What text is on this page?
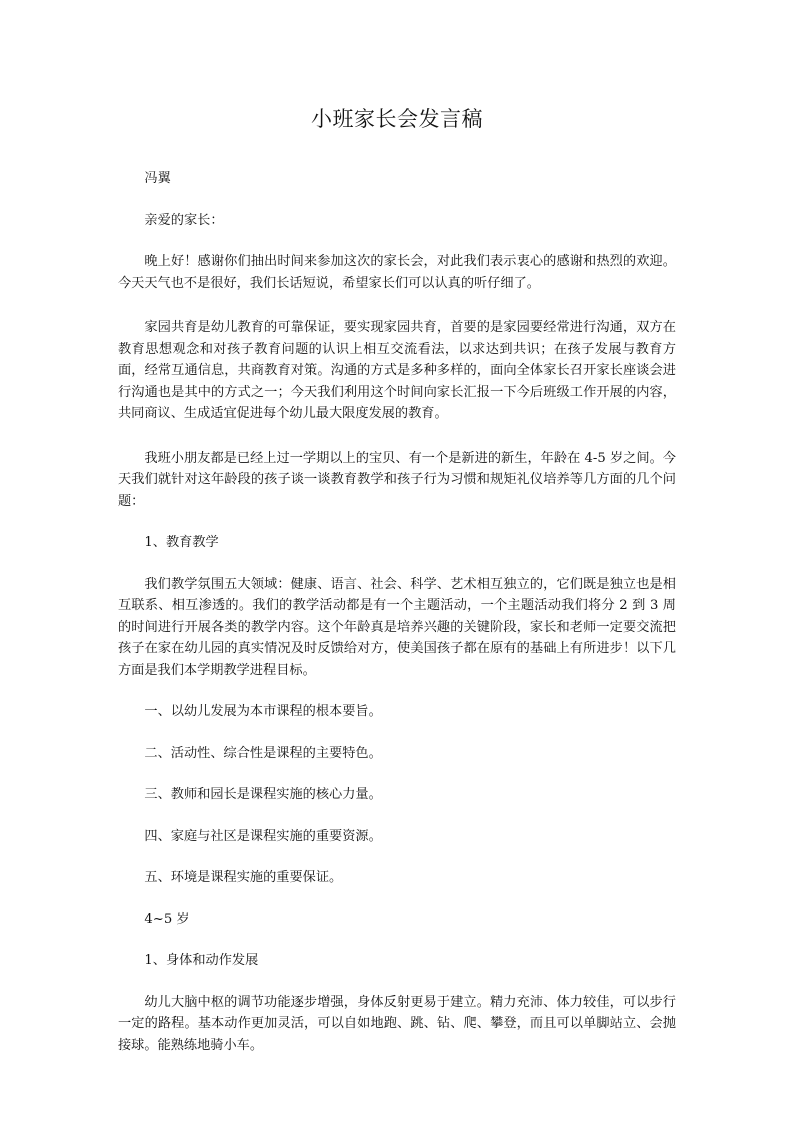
小班家长会发言稿

冯翼

亲爱的家长：

晚上好！感谢你们抽出时间来参加这次的家长会，对此我们表示衷心的感谢和热烈的欢迎。今天天气也不是很好，我们长话短说，希望家长们可以认真的听仔细了。

家园共育是幼儿教育的可靠保证，要实现家园共育，首要的是家园要经常进行沟通，双方在教育思想观念和对孩子教育问题的认识上相互交流看法，以求达到共识；在孩子发展与教育方面，经常互通信息，共商教育对策。沟通的方式是多种多样的，面向全体家长召开家长座谈会进行沟通也是其中的方式之一；今天我们利用这个时间向家长汇报一下今后班级工作开展的内容，共同商议、生成适宜促进每个幼儿最大限度发展的教育。

我班小朋友都是已经上过一学期以上的宝贝、有一个是新进的新生，年龄在 4-5 岁之间。今天我们就针对这年龄段的孩子谈一谈教育教学和孩子行为习惯和规矩礼仪培养等几方面的几个问题：

1、教育教学

我们教学氛围五大领域：健康、语言、社会、科学、艺术相互独立的，它们既是独立也是相互联系、相互渗透的。我们的教学活动都是有一个主题活动，一个主题活动我们将分 2 到 3 周的时间进行开展各类的教学内容。这个年龄真是培养兴趣的关键阶段，家长和老师一定要交流把孩子在家在幼儿园的真实情况及时反馈给对方，使美国孩子都在原有的基础上有所进步！以下几方面是我们本学期教学进程目标。

一、以幼儿发展为本市课程的根本要旨。

二、活动性、综合性是课程的主要特色。

三、教师和园长是课程实施的核心力量。

四、家庭与社区是课程实施的重要资源。

五、环境是课程实施的重要保证。

4~5 岁

1、身体和动作发展

幼儿大脑中枢的调节功能逐步增强，身体反射更易于建立。精力充沛、体力较佳，可以步行一定的路程。基本动作更加灵活，可以自如地跑、跳、钻、爬、攀登，而且可以单脚站立、会抛接球。能熟练地骑小车。
